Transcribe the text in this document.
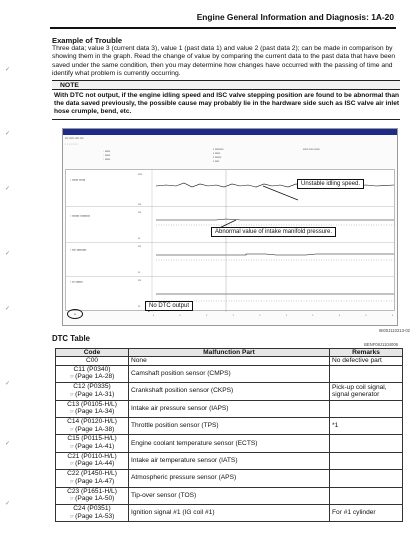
Engine General Information and Diagnosis: 1A-20
✓
✓
✓
✓
✓
✓
✓
✓
Example of Trouble
Three data; value 3 (current data 3), value 1 (past data 1) and value 2 (past data 2); can be made in comparison by showing them in the graph. Read the change of value by comparing the current data to the past data that have been saved under the same condition, then you may determine how changes have occurred with the passing of time and identify what problem is currently occurring.
NOTE
With DTC not output, if the engine idling speed and ISC valve stepping position are found to be abnormal than the data saved previously, the possible cause may probably lie in the hardware side such as ISC valve air inlet hose crumple, bend, etc.
▪▪▪ ▪▪▪▪ ▪▪▪▪ ▪▪▪
▫ ▫ ▫ ▫ ▫ ▫ ▫
◦ ▪▪▪▪▪
◦ ▪▪▪▪▪
◦ ▪▪▪▪▪
▪ ▪▪▪▪▪▪▪▪
▪ ▪▪▪▪▪
▪ ▪▪▪▪▪▪
▪ ▪▪▪▪
▪▪▪▪▪ ▪▪▪▪ ▪▪▪▪▪
▫ ▪▪▪▪▪ ▪▪▪▪▪
▪▪▪▪
▪▪▪
▫ ▪▪▪▪▪▪ ▪▪▪▪▪▪▪▪
▪▪▪
▪▪
▫ ▪▪▪ ▪▪▪▪▪▪▪▪
▪▪▪
▪▪
▫ ▪▪ ▪▪▪▪▪▪	▪▪▪
▪▪
Unstable idling speed.
Abnormal value of intake manifold pressure.
No DTC output
▪▪	▪	▪	▪	▪	▪	▪	▪	▪	▪	▪
I6I00J110213-02
DTC Table
BENF08J1104006
Code	Malfunction Part	Remarks
C00	None	No defective part

C11 (P0340)
☞(Page 1A-28)	Camshaft position sensor (CMPS)	

C12 (P0335)
☞(Page 1A-31)	Crankshaft position sensor (CKPS)	Pick-up coil signal, signal generator

C13 (P0105-H/L)
☞(Page 1A-34)	Intake air pressure sensor (IAPS)	

C14 (P0120-H/L)
☞(Page 1A-38)	Throttle position sensor (TPS)	*1

C15 (P0115-H/L)
☞(Page 1A-41)	Engine coolant temperature sensor (ECTS)	

C21 (P0110-H/L)
☞(Page 1A-44)	Intake air temperature sensor (IATS)	

C22 (P1450-H/L)
☞(Page 1A-47)	Atmospheric pressure sensor (APS)	

C23 (P1651-H/L)
☞(Page 1A-50)	Tip-over sensor (TOS)	

C24 (P0351)
☞(Page 1A-53)	Ignition signal #1 (IG coil #1)	For #1 cylinder
